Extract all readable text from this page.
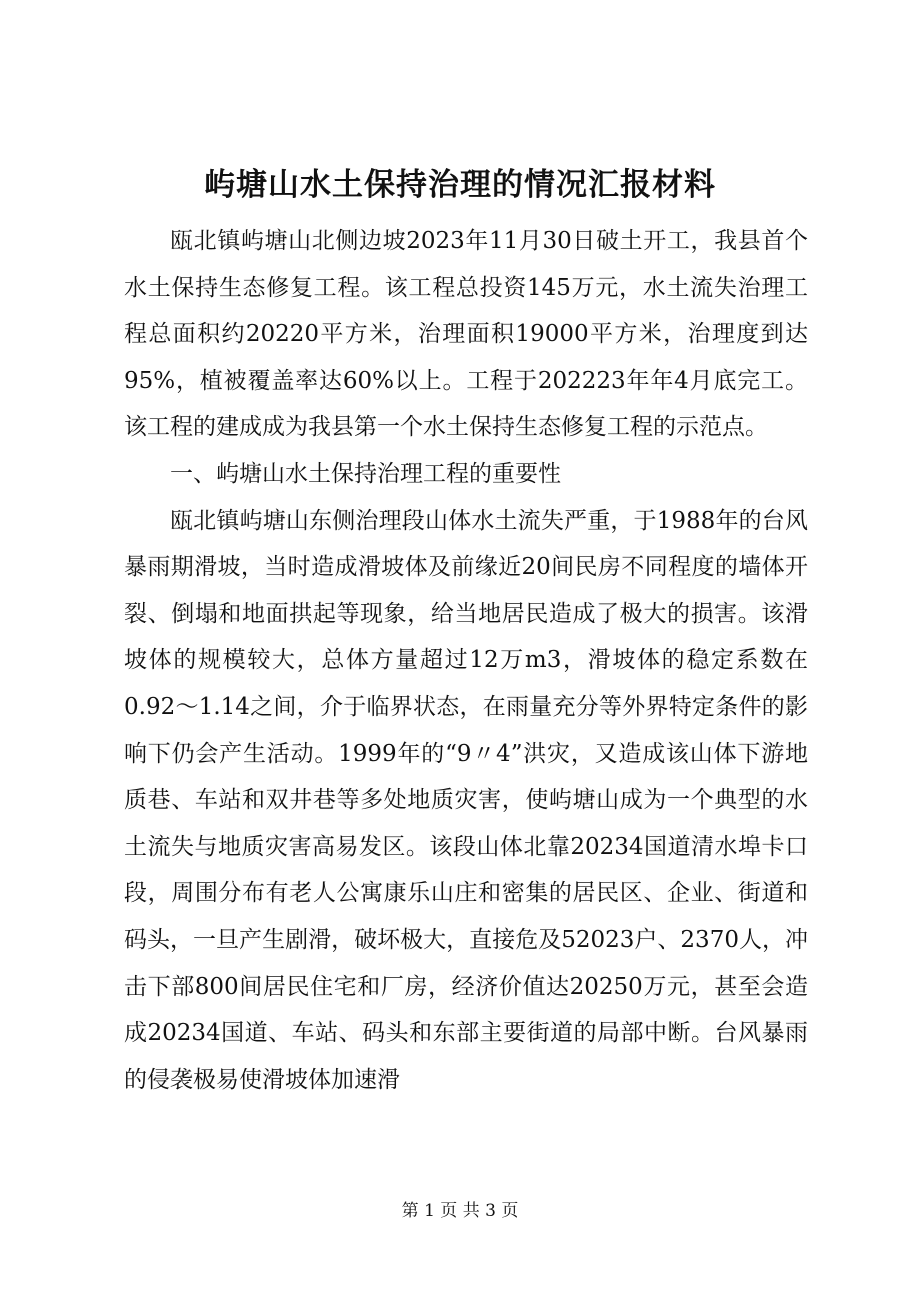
屿塘山水土保持治理的情况汇报材料

瓯北镇屿塘山北侧边坡2023年11月30日破土开工，我县首个水土保持生态修复工程。该工程总投资145万元，水土流失治理工程总面积约20220平方米，治理面积19000平方米，治理度到达95%，植被覆盖率达60%以上。工程于202223年年4月底完工。该工程的建成成为我县第一个水土保持生态修复工程的示范点。

一、屿塘山水土保持治理工程的重要性

瓯北镇屿塘山东侧治理段山体水土流失严重，于1988年的台风暴雨期滑坡，当时造成滑坡体及前缘近20间民房不同程度的墙体开裂、倒塌和地面拱起等现象，给当地居民造成了极大的损害。该滑坡体的规模较大，总体方量超过12万m3，滑坡体的稳定系数在0.92～1.14之间，介于临界状态，在雨量充分等外界特定条件的影响下仍会产生活动。1999年的“9〃4”洪灾，又造成该山体下游地质巷、车站和双井巷等多处地质灾害，使屿塘山成为一个典型的水土流失与地质灾害高易发区。该段山体北靠20234国道清水埠卡口段，周围分布有老人公寓康乐山庄和密集的居民区、企业、街道和码头，一旦产生剧滑，破坏极大，直接危及52023户、2370人，冲击下部800间居民住宅和厂房，经济价值达20250万元，甚至会造成20234国道、车站、码头和东部主要街道的局部中断。台风暴雨的侵袭极易使滑坡体加速滑

第 1 页 共 3 页
